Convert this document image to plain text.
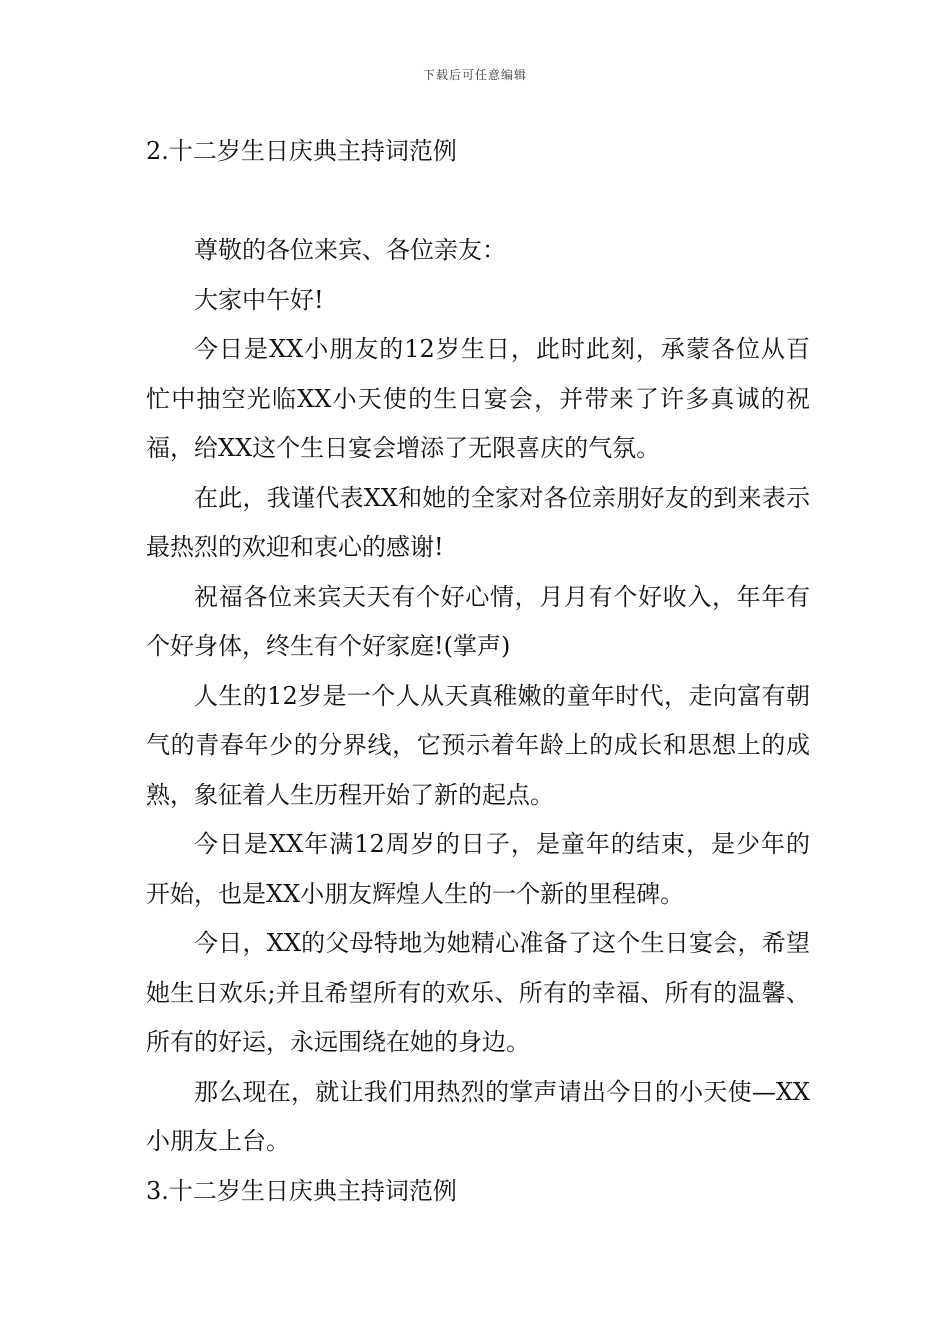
下载后可任意编辑
2.十二岁生日庆典主持词范例

尊敬的各位来宾、各位亲友：

大家中午好!

今日是XX小朋友的12岁生日，此时此刻，承蒙各位从百忙中抽空光临XX小天使的生日宴会，并带来了许多真诚的祝福，给XX这个生日宴会增添了无限喜庆的气氛。

在此，我谨代表XX和她的全家对各位亲朋好友的到来表示最热烈的欢迎和衷心的感谢!

祝福各位来宾天天有个好心情，月月有个好收入，年年有个好身体，终生有个好家庭!(掌声)

人生的12岁是一个人从天真稚嫩的童年时代，走向富有朝气的青春年少的分界线，它预示着年龄上的成长和思想上的成熟，象征着人生历程开始了新的起点。

今日是XX年满12周岁的日子，是童年的结束，是少年的开始，也是XX小朋友辉煌人生的一个新的里程碑。

今日，XX的父母特地为她精心准备了这个生日宴会，希望她生日欢乐;并且希望所有的欢乐、所有的幸福、所有的温馨、所有的好运，永远围绕在她的身边。

那么现在，就让我们用热烈的掌声请出今日的小天使—XX小朋友上台。

3.十二岁生日庆典主持词范例
